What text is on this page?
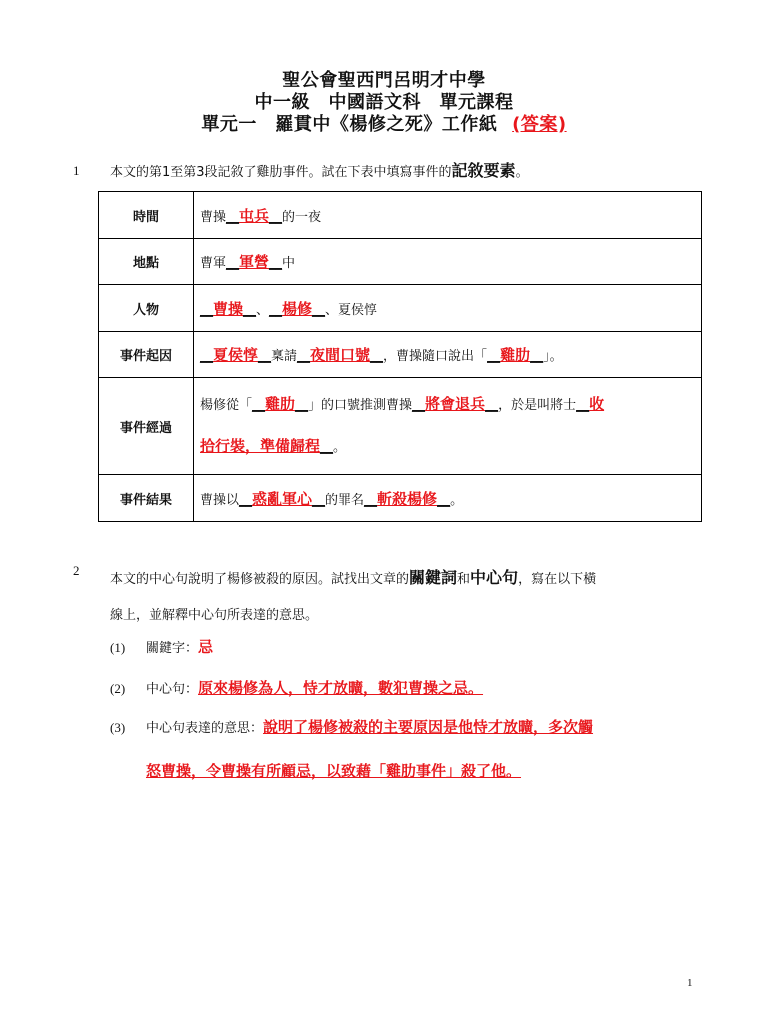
聖公會聖西門呂明才中學
中一級　中國語文科　單元課程
單元一　羅貫中《楊修之死》工作紙 (答案)
1 本文的第1至第3段記敘了雞肋事件。試在下表中填寫事件的記敘要素。
時間	曹操__屯兵__的一夜
地點	曹軍__軍營__中
人物	__曹操__、__楊修__、夏侯惇
事件起因	__夏侯惇__稟請__夜間口號__，曹操隨口說出「__雞肋__」。
事件經過	楊修從「__雞肋__」的口號推測曹操__將會退兵__，於是叫將士__收
拾行裝，準備歸程__。
事件結果	曹操以__惑亂軍心__的罪名__斬殺楊修__。
2
本文的中心句說明了楊修被殺的原因。試找出文章的關鍵詞和中心句，寫在以下橫
線上，並解釋中心句所表達的意思。
(1) 關鍵字：忌
(2) 中心句：原來楊修為人，恃才放曠，數犯曹操之忌。
(3) 中心句表達的意思：說明了楊修被殺的主要原因是他恃才放曠，多次觸
怒曹操，令曹操有所顧忌，以致藉「雞肋事件」殺了他。
1
